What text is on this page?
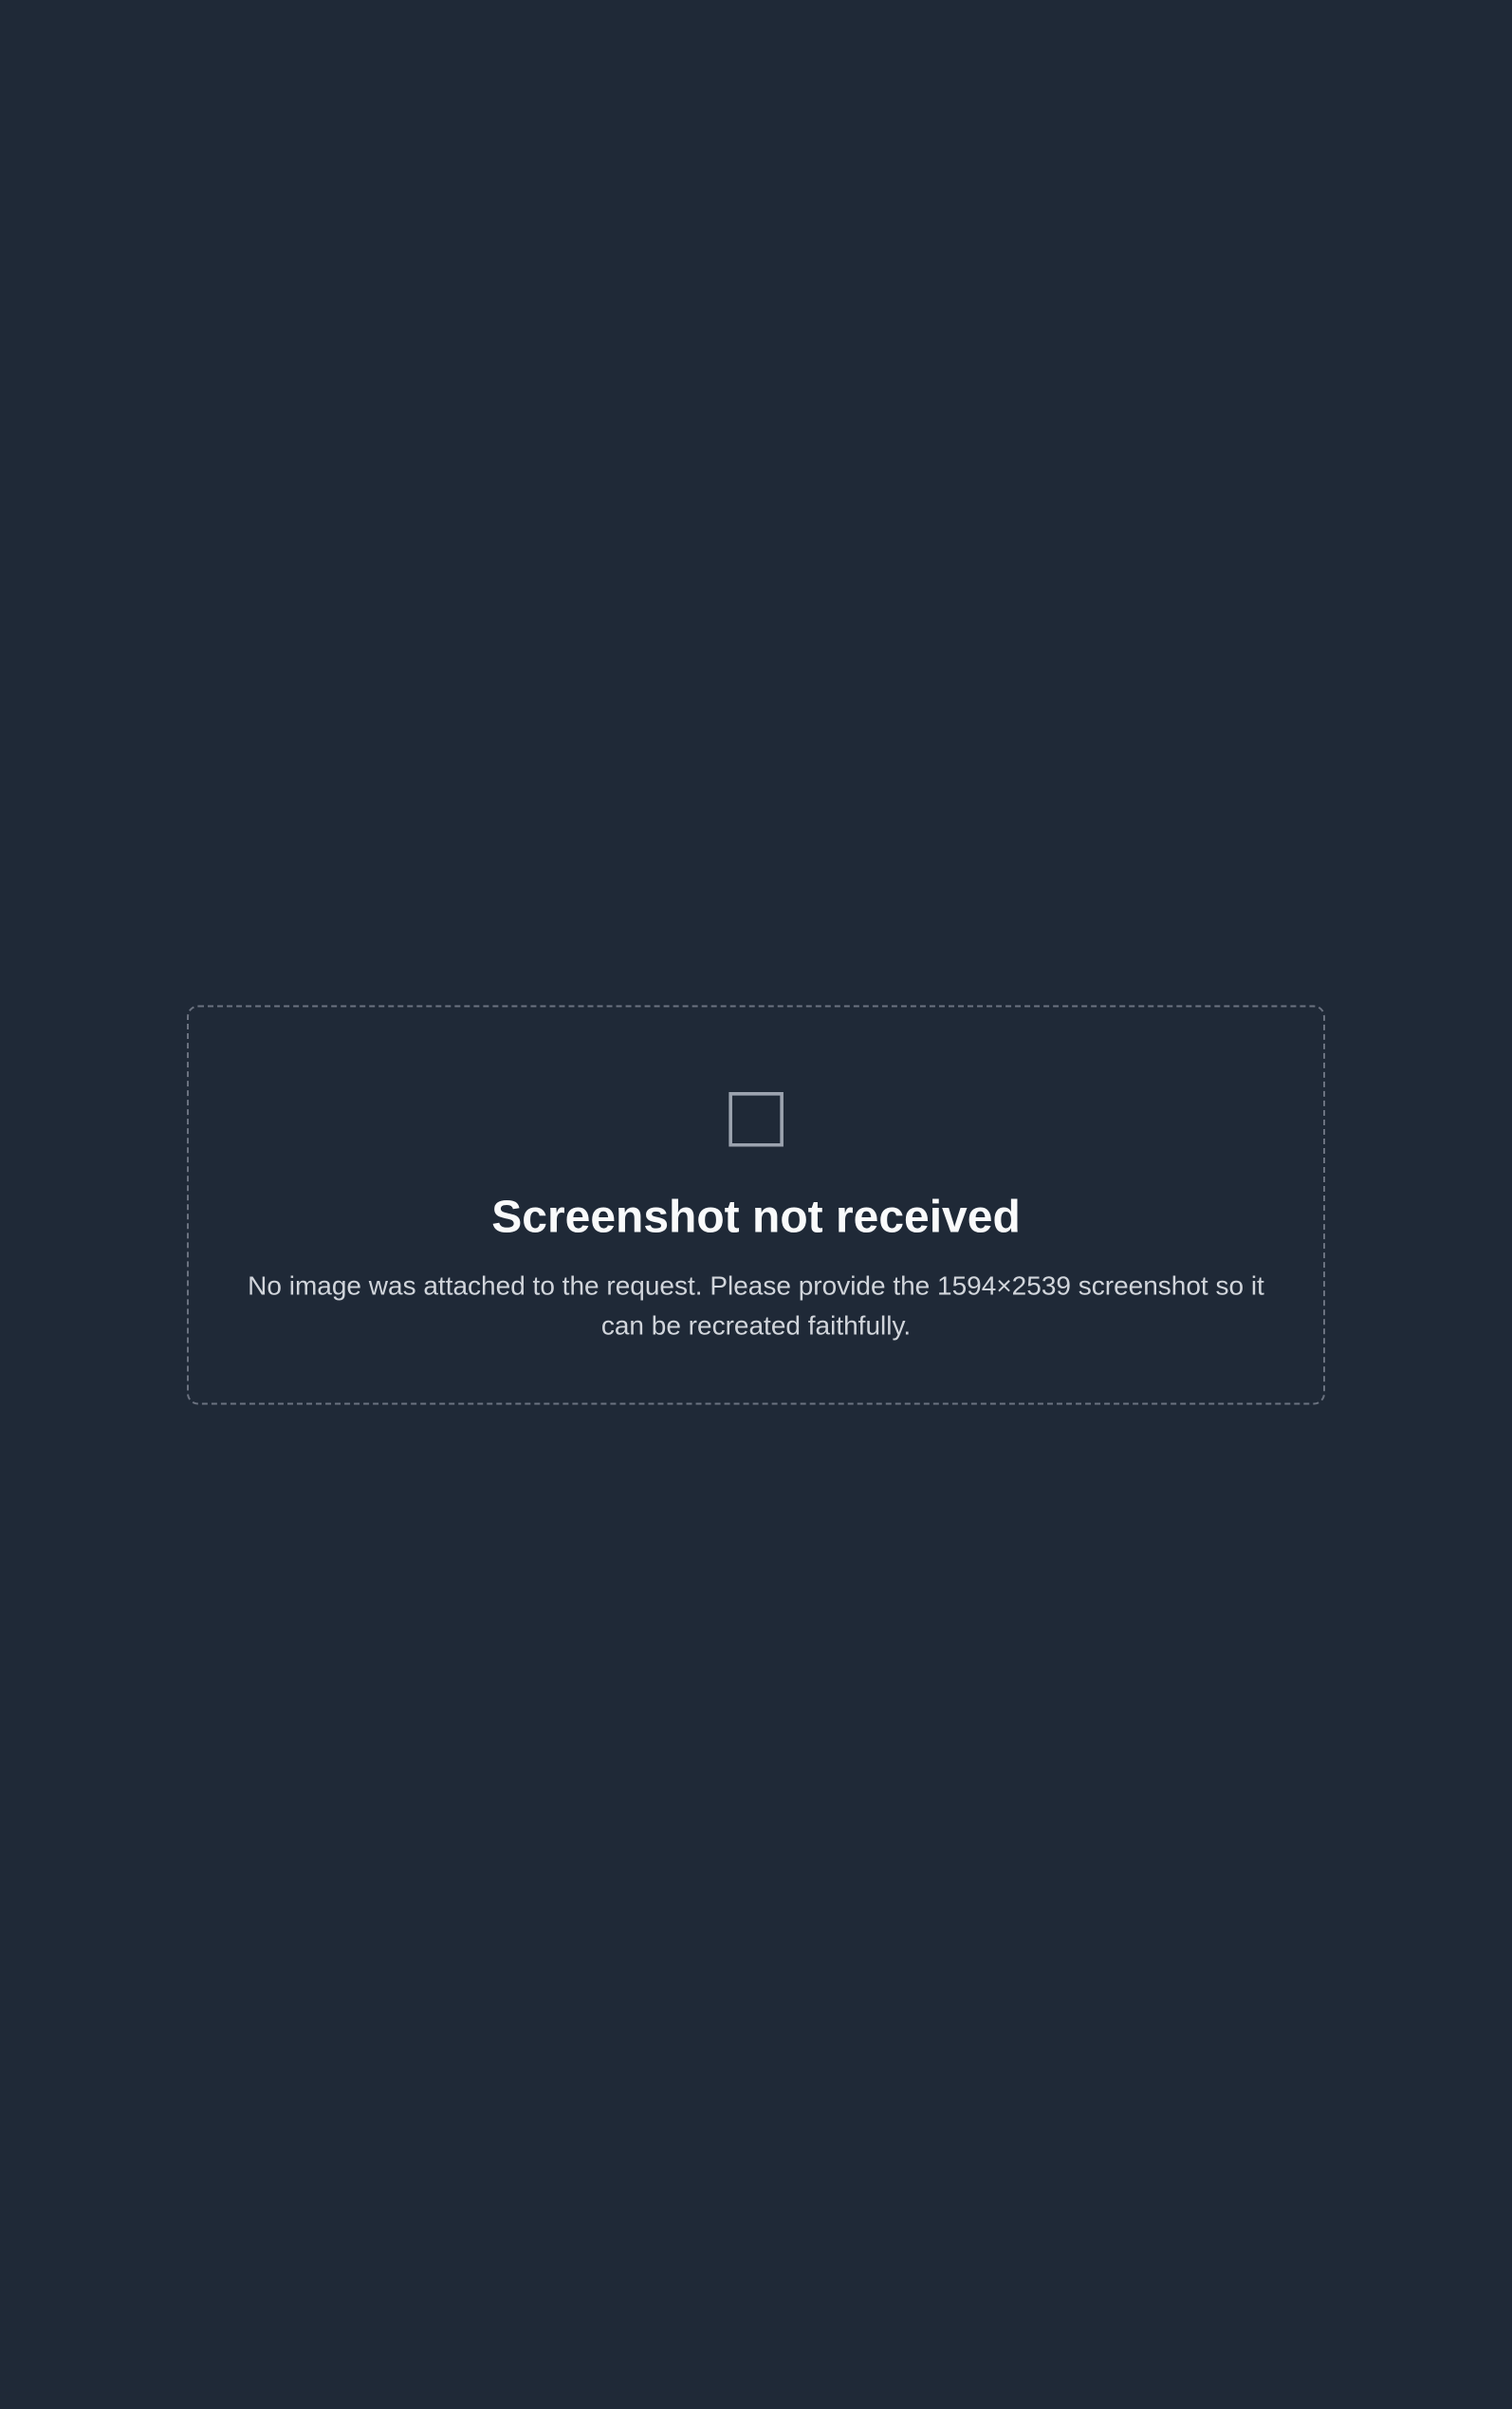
□
Screenshot not received
No image was attached to the request. Please provide the 1594×2539 screenshot so it can be recreated faithfully.
